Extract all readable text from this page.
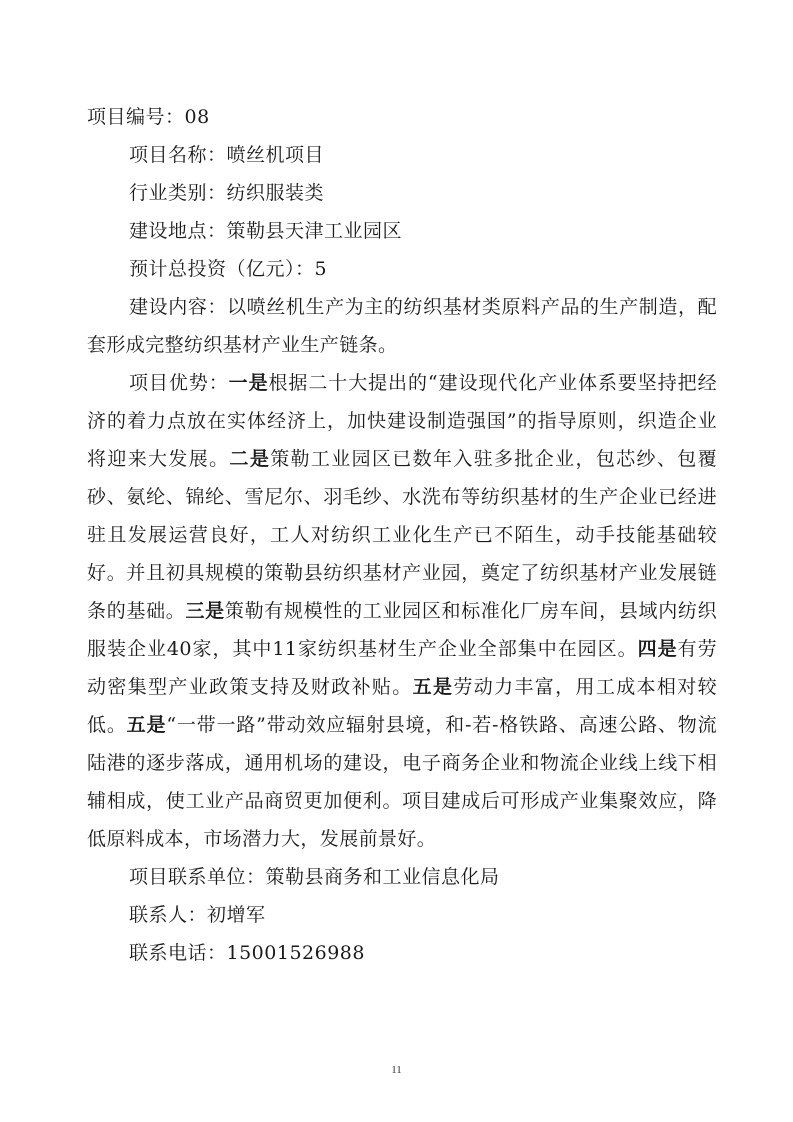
项目编号：08
项目名称：喷丝机项目
行业类别：纺织服装类
建设地点：策勒县天津工业园区
预计总投资（亿元）：5
建设内容：以喷丝机生产为主的纺织基材类原料产品的生产制造，配套形成完整纺织基材产业生产链条。
项目优势：一是根据二十大提出的“建设现代化产业体系要坚持把经济的着力点放在实体经济上，加快建设制造强国”的指导原则，织造企业将迎来大发展。二是策勒工业园区已数年入驻多批企业，包芯纱、包覆砂、氨纶、锦纶、雪尼尔、羽毛纱、水洗布等纺织基材的生产企业已经进驻且发展运营良好，工人对纺织工业化生产已不陌生，动手技能基础较好。并且初具规模的策勒县纺织基材产业园，奠定了纺织基材产业发展链条的基础。三是策勒有规模性的工业园区和标准化厂房车间，县域内纺织服装企业40家，其中11家纺织基材生产企业全部集中在园区。四是有劳动密集型产业政策支持及财政补贴。五是劳动力丰富，用工成本相对较低。五是“一带一路”带动效应辐射县境，和-若-格铁路、高速公路、物流陆港的逐步落成，通用机场的建设，电子商务企业和物流企业线上线下相辅相成，使工业产品商贸更加便利。项目建成后可形成产业集聚效应，降低原料成本，市场潜力大，发展前景好。
项目联系单位：策勒县商务和工业信息化局
联系人：初增军
联系电话：15001526988
11
